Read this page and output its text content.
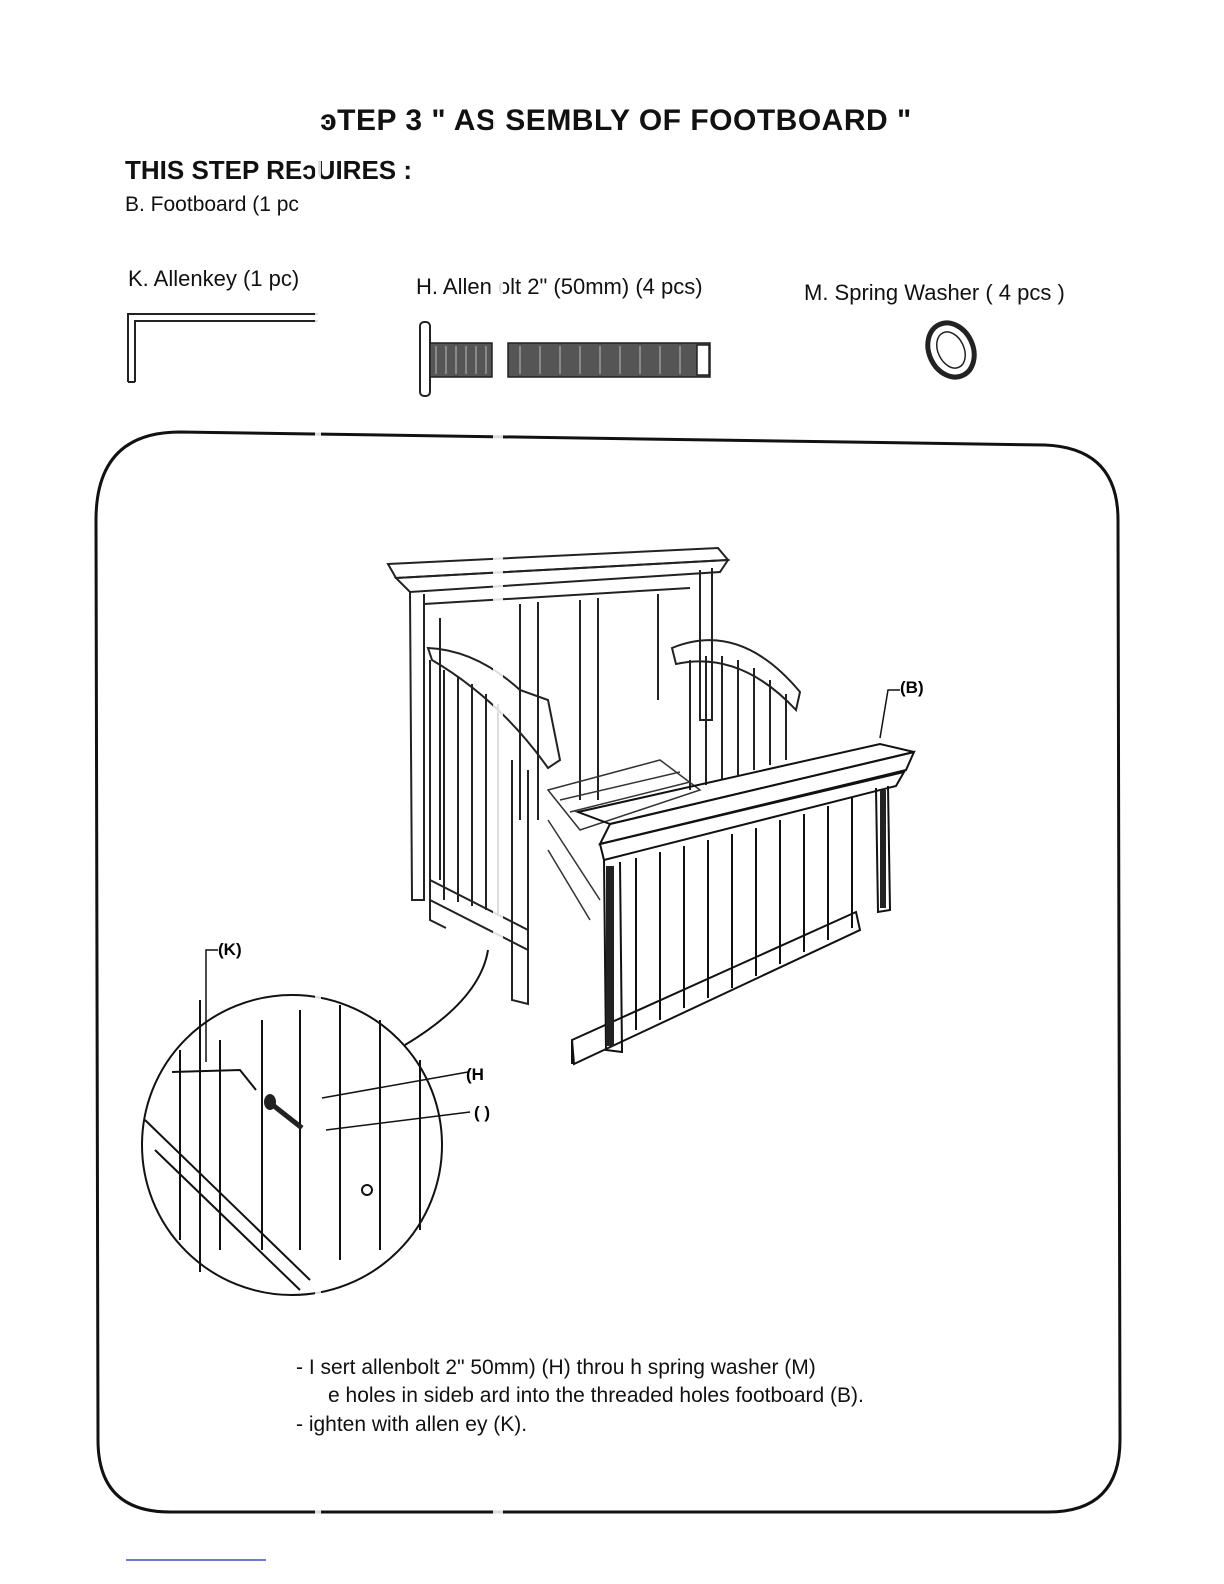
ͽTEP 3 " AS SEMBLY OF FOOTBOARD "
THIS STEP REͻUIRES :
B. Footboard (1 pc
K. Allenkey (1 pc)	H. Allen olt 2" (50mm) (4 pcs)	M. Spring Washer ( 4 pcs )
(B)
(K)
(H
( )
- I sert allenbolt 2" 50mm) (H) throu h spring washer (M)
e holes in sideb ard into the threaded holes footboard (B).
- ighten with allen ey (K).
